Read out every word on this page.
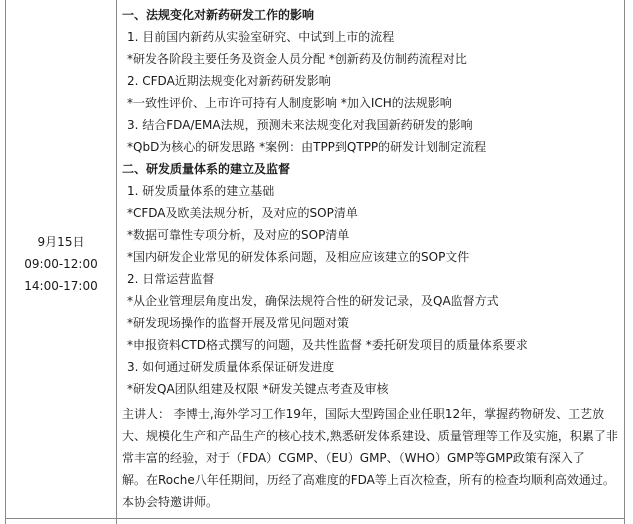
9月15日
09:00-12:00
14:00-17:00
一、法规变化对新药研发工作的影响
1. 目前国内新药从实验室研究、中试到上市的流程
*研发各阶段主要任务及资金人员分配 *创新药及仿制药流程对比
2. CFDA近期法规变化对新药研发影响
*一致性评价、上市许可持有人制度影响 *加入ICH的法规影响
3. 结合FDA/EMA法规，预测未来法规变化对我国新药研发的影响
*QbD为核心的研发思路 *案例：由TPP到QTPP的研发计划制定流程
二、研发质量体系的建立及监督
1. 研发质量体系的建立基础
*CFDA及欧美法规分析，及对应的SOP清单
*数据可靠性专项分析，及对应的SOP清单
*国内研发企业常见的研发体系问题，及相应应该建立的SOP文件
2. 日常运营监督
*从企业管理层角度出发，确保法规符合性的研发记录，及QA监督方式
*研发现场操作的监督开展及常见问题对策
*申报资料CTD格式撰写的问题，及共性监督 *委托研发项目的质量体系要求
3. 如何通过研发质量体系保证研发进度
*研发QA团队组建及权限 *研发关键点考查及审核
主讲人： 李博士,海外学习工作19年，国际大型跨国企业任职12年，掌握药物研发、工艺放
大、规模化生产和产品生产的核心技术,熟悉研发体系建设、质量管理等工作及实施，积累了非
常丰富的经验，对于（FDA）CGMP、（EU）GMP、（WHO）GMP等GMP政策有深入了
解。在Roche八年任期间，历经了高难度的FDA等上百次检查，所有的检查均顺利高效通过。
本协会特邀讲师。
